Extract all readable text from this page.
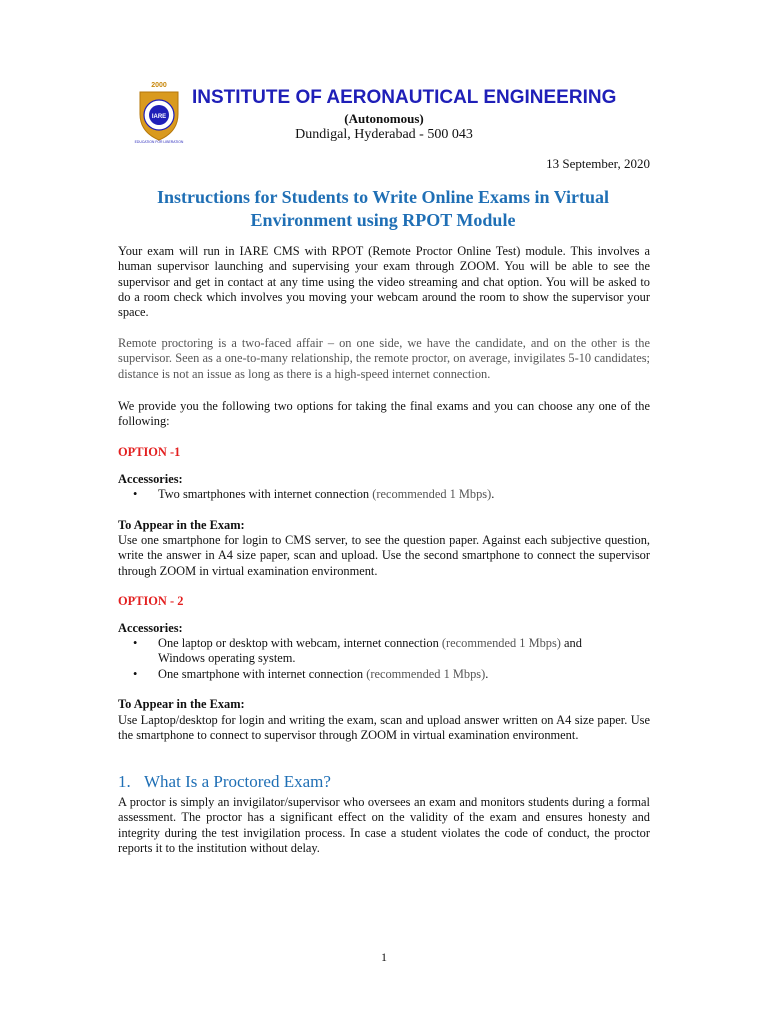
2000
IARE
EDUCATION FOR LIBERATION
INSTITUTE OF AERONAUTICAL ENGINEERING
(Autonomous)
Dundigal, Hyderabad - 500 043
13 September, 2020
Instructions for Students to Write Online Exams in Virtual
Environment using RPOT Module
Your exam will run in IARE CMS with RPOT (Remote Proctor Online Test) module. This involves a human supervisor launching and supervising your exam through ZOOM. You will be able to see the supervisor and get in contact at any time using the video streaming and chat option. You will be asked to do a room check which involves you moving your webcam around the room to show the supervisor your space.
Remote proctoring is a two-faced affair – on one side, we have the candidate, and on the other is the supervisor. Seen as a one-to-many relationship, the remote proctor, on average, invigilates 5-10 candidates; distance is not an issue as long as there is a high-speed internet connection.
We provide you the following two options for taking the final exams and you can choose any one of the following:
OPTION -1
Accessories:
• Two smartphones with internet connection (recommended 1 Mbps).
To Appear in the Exam:
Use one smartphone for login to CMS server, to see the question paper. Against each subjective question, write the answer in A4 size paper, scan and upload. Use the second smartphone to connect the supervisor through ZOOM in virtual examination environment.
OPTION - 2
Accessories:
• One laptop or desktop with webcam, internet connection (recommended 1 Mbps) and Windows operating system.
• One smartphone with internet connection (recommended 1 Mbps).
To Appear in the Exam:
Use Laptop/desktop for login and writing the exam, scan and upload answer written on A4 size paper. Use the smartphone to connect to supervisor through ZOOM in virtual examination environment.
1. What Is a Proctored Exam?
A proctor is simply an invigilator/supervisor who oversees an exam and monitors students during a formal assessment. The proctor has a significant effect on the validity of the exam and ensures honesty and integrity during the test invigilation process. In case a student violates the code of conduct, the proctor reports it to the institution without delay.
1
